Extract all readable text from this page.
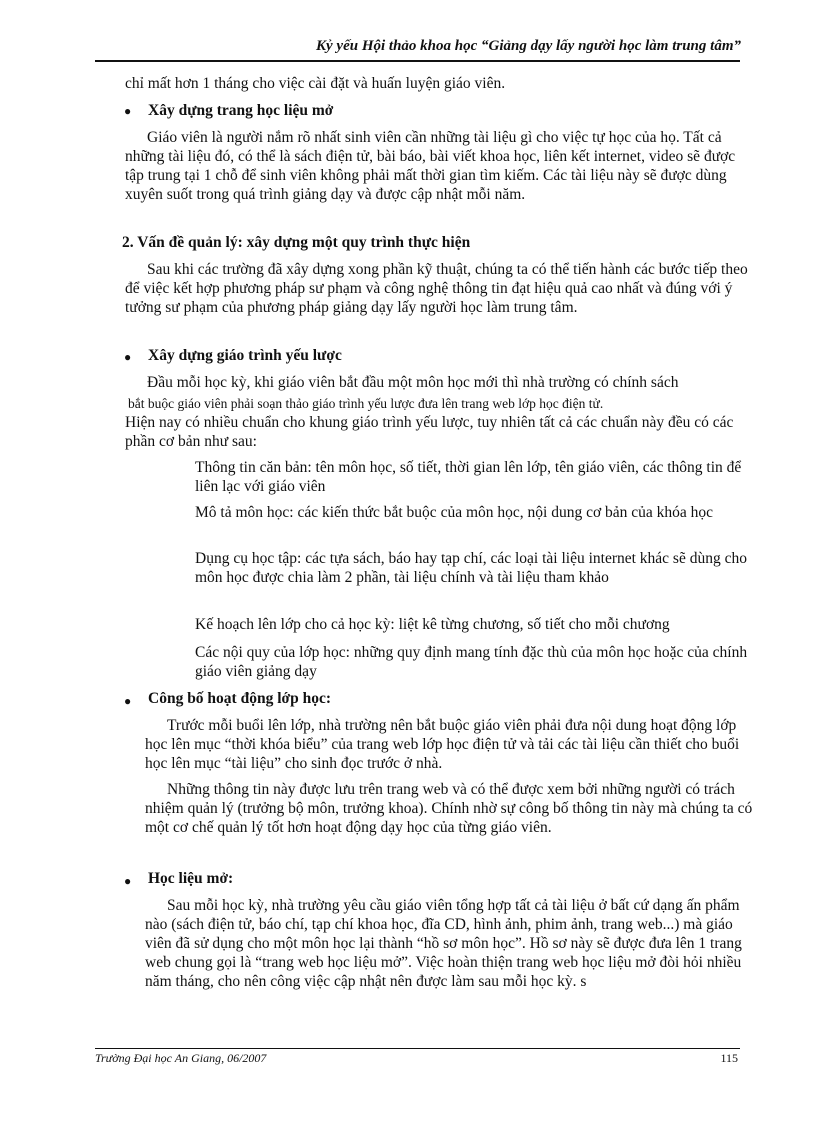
Kỷ yếu Hội thảo khoa học “Giảng dạy lấy người học làm trung tâm”
chỉ mất hơn 1 tháng cho việc cài đặt và huấn luyện giáo viên.
● Xây dựng trang học liệu mở
Giáo viên là người nắm rõ nhất sinh viên cần những tài liệu gì cho việc tự học của họ. Tất cả những tài liệu đó, có thể là sách điện tử, bài báo, bài viết khoa học, liên kết internet, video sẽ được tập trung tại 1 chỗ để sinh viên không phải mất thời gian tìm kiếm. Các tài liệu này sẽ được dùng xuyên suốt trong quá trình giảng dạy và được cập nhật mỗi năm.
2. Vấn đề quản lý: xây dựng một quy trình thực hiện
Sau khi các trường đã xây dựng xong phần kỹ thuật, chúng ta có thể tiến hành các bước tiếp theo để việc kết hợp phương pháp sư phạm và công nghệ thông tin đạt hiệu quả cao nhất và đúng với ý tưởng sư phạm của phương pháp giảng dạy lấy người học làm trung tâm.
● Xây dựng giáo trình yếu lược
Đầu mỗi học kỳ, khi giáo viên bắt đầu một môn học mới thì nhà trường có chính sách
bắt buộc giáo viên phải soạn thảo giáo trình yếu lược đưa lên trang web lớp học điện tử.
Hiện nay có nhiều chuẩn cho khung giáo trình yếu lược, tuy nhiên tất cả các chuẩn này đều có các phần cơ bản như sau:
Thông tin căn bản: tên môn học, số tiết, thời gian lên lớp, tên giáo viên, các thông tin để liên lạc với giáo viên
Mô tả môn học: các kiến thức bắt buộc của môn học, nội dung cơ bản của khóa học
Dụng cụ học tập: các tựa sách, báo hay tạp chí, các loại tài liệu internet khác sẽ dùng cho môn học được chia làm 2 phần, tài liệu chính và tài liệu tham khảo
Kế hoạch lên lớp cho cả học kỳ: liệt kê từng chương, số tiết cho mỗi chương
Các nội quy của lớp học: những quy định mang tính đặc thù của môn học hoặc của chính giáo viên giảng dạy
● Công bố hoạt động lớp học:
Trước mỗi buổi lên lớp, nhà trường nên bắt buộc giáo viên phải đưa nội dung hoạt động lớp học lên mục “thời khóa biểu” của trang web lớp học điện tử và tải các tài liệu cần thiết cho buổi học lên mục “tài liệu” cho sinh đọc trước ở nhà.
Những thông tin này được lưu trên trang web và có thể được xem bởi những người có trách nhiệm quản lý (trưởng bộ môn, trưởng khoa). Chính nhờ sự công bố thông tin này mà chúng ta có một cơ chế quản lý tốt hơn hoạt động dạy học của từng giáo viên.
● Học liệu mở:
Sau mỗi học kỳ, nhà trường yêu cầu giáo viên tổng hợp tất cả tài liệu ở bất cứ dạng ấn phẩm nào (sách điện tử, báo chí, tạp chí khoa học, đĩa CD, hình ảnh, phim ảnh, trang web...) mà giáo viên đã sử dụng cho một môn học lại thành “hồ sơ môn học”. Hồ sơ này sẽ được đưa lên 1 trang web chung gọi là “trang web học liệu mở”. Việc hoàn thiện trang web học liệu mở đòi hỏi nhiều năm tháng, cho nên công việc cập nhật nên được làm sau mỗi học kỳ. s
Trường Đại học An Giang, 06/2007	115
